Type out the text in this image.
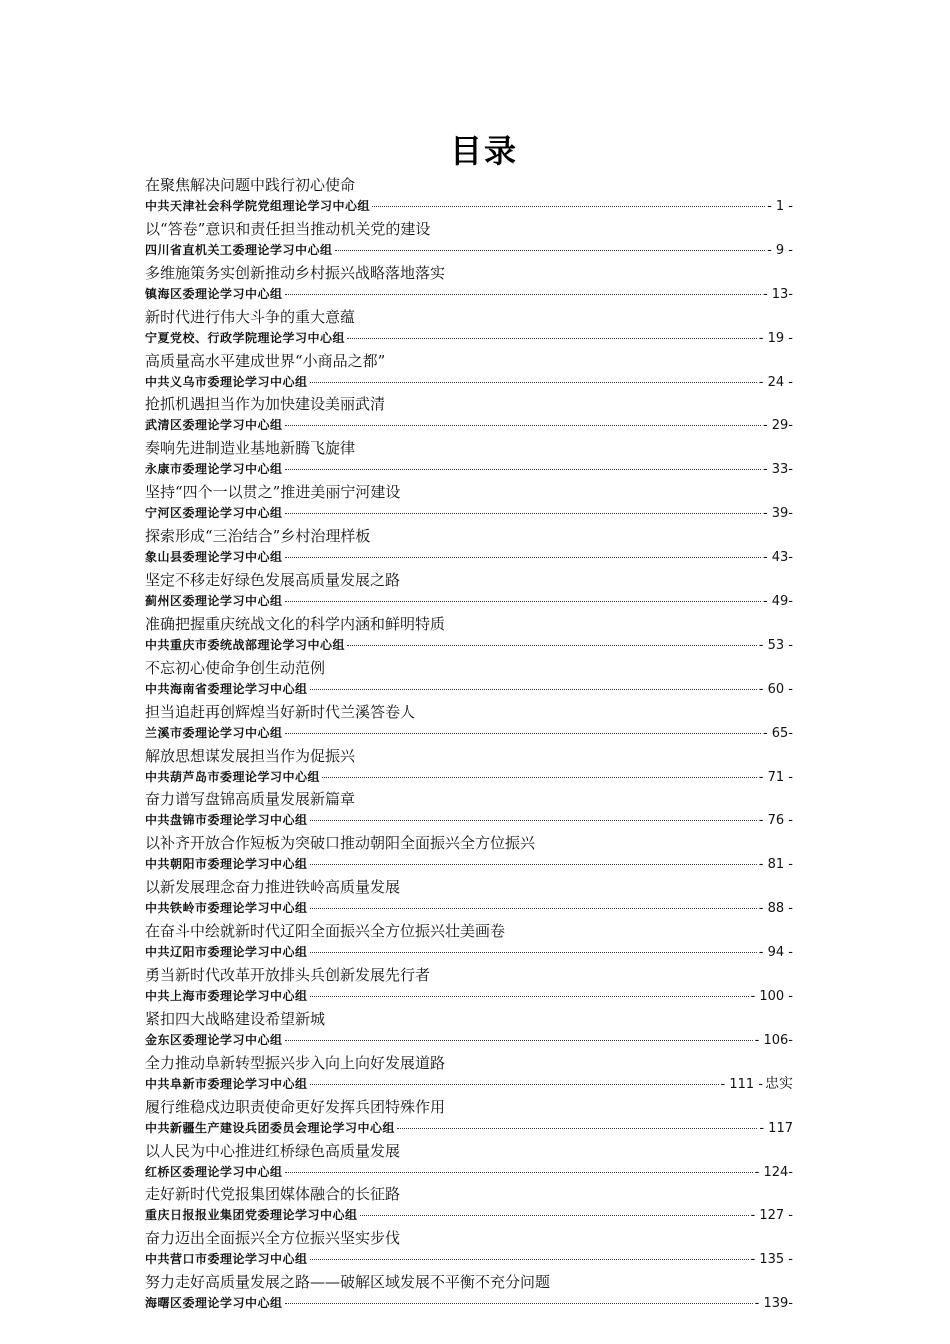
目录
在聚焦解决问题中践行初心使命
中共天津社会科学院党组理论学习中心组	- 1 -
以“答卷”意识和责任担当推动机关党的建设
四川省直机关工委理论学习中心组	- 9 -
多维施策务实创新推动乡村振兴战略落地落实
镇海区委理论学习中心组	- 13-
新时代进行伟大斗争的重大意蕴
宁夏党校、行政学院理论学习中心组	- 19 -
高质量高水平建成世界“小商品之都”
中共义乌市委理论学习中心组	- 24 -
抢抓机遇担当作为加快建设美丽武清
武清区委理论学习中心组	- 29-
奏响先进制造业基地新腾飞旋律
永康市委理论学习中心组	- 33-
坚持“四个一以贯之”推进美丽宁河建设
宁河区委理论学习中心组	- 39-
探索形成“三治结合”乡村治理样板
象山县委理论学习中心组	- 43-
坚定不移走好绿色发展高质量发展之路
蓟州区委理论学习中心组	- 49-
准确把握重庆统战文化的科学内涵和鲜明特质
中共重庆市委统战部理论学习中心组	- 53 -
不忘初心使命争创生动范例
中共海南省委理论学习中心组	- 60 -
担当追赶再创辉煌当好新时代兰溪答卷人
兰溪市委理论学习中心组	- 65-
解放思想谋发展担当作为促振兴
中共葫芦岛市委理论学习中心组	- 71 -
奋力谱写盘锦高质量发展新篇章
中共盘锦市委理论学习中心组	- 76 -
以补齐开放合作短板为突破口推动朝阳全面振兴全方位振兴
中共朝阳市委理论学习中心组	- 81 -
以新发展理念奋力推进铁岭高质量发展
中共铁岭市委理论学习中心组	- 88 -
在奋斗中绘就新时代辽阳全面振兴全方位振兴壮美画卷
中共辽阳市委理论学习中心组	- 94 -
勇当新时代改革开放排头兵创新发展先行者
中共上海市委理论学习中心组	- 100 -
紧扣四大战略建设希望新城
金东区委理论学习中心组	- 106-
全力推动阜新转型振兴步入向上向好发展道路
中共阜新市委理论学习中心组	- 111 - 忠实
履行维稳戍边职责使命更好发挥兵团特殊作用
中共新疆生产建设兵团委员会理论学习中心组	- 117
以人民为中心推进红桥绿色高质量发展
红桥区委理论学习中心组	- 124-
走好新时代党报集团媒体融合的长征路
重庆日报报业集团党委理论学习中心组	- 127 -
奋力迈出全面振兴全方位振兴坚实步伐
中共营口市委理论学习中心组	- 135 -
努力走好高质量发展之路——破解区域发展不平衡不充分问题
海曙区委理论学习中心组	- 139-
